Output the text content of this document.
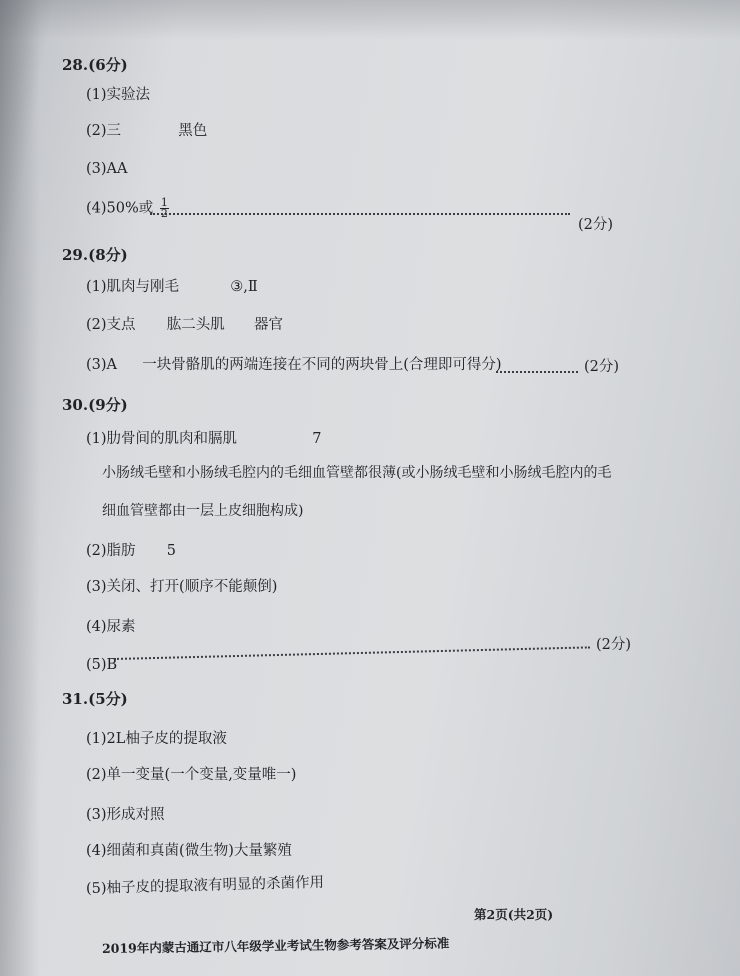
28.(6分)
(1)实验法
(2)三	黑色
(3)AA
(4)50%或 $\frac{1}{2}$
(2分)
29.(8分)
(1)肌肉与刚毛	③,Ⅱ
(2)支点 肱二头肌 器官
(3)A 一块骨骼肌的两端连接在不同的两块骨上(合理即可得分)	(2分)
30.(9分)
(1)肋骨间的肌肉和膈肌	7
小肠绒毛壁和小肠绒毛腔内的毛细血管壁都很薄(或小肠绒毛壁和小肠绒毛腔内的毛
细血管壁都由一层上皮细胞构成)
(2)脂肪 5
(3)关闭、打开(顺序不能颠倒)
(4)尿素
(2分)
(5)B
31.(5分)
(1)2L柚子皮的提取液
(2)单一变量(一个变量,变量唯一)
(3)形成对照
(4)细菌和真菌(微生物)大量繁殖
(5)柚子皮的提取液有明显的杀菌作用
第2页(共2页)
2019年内蒙古通辽市八年级学业考试生物参考答案及评分标准
